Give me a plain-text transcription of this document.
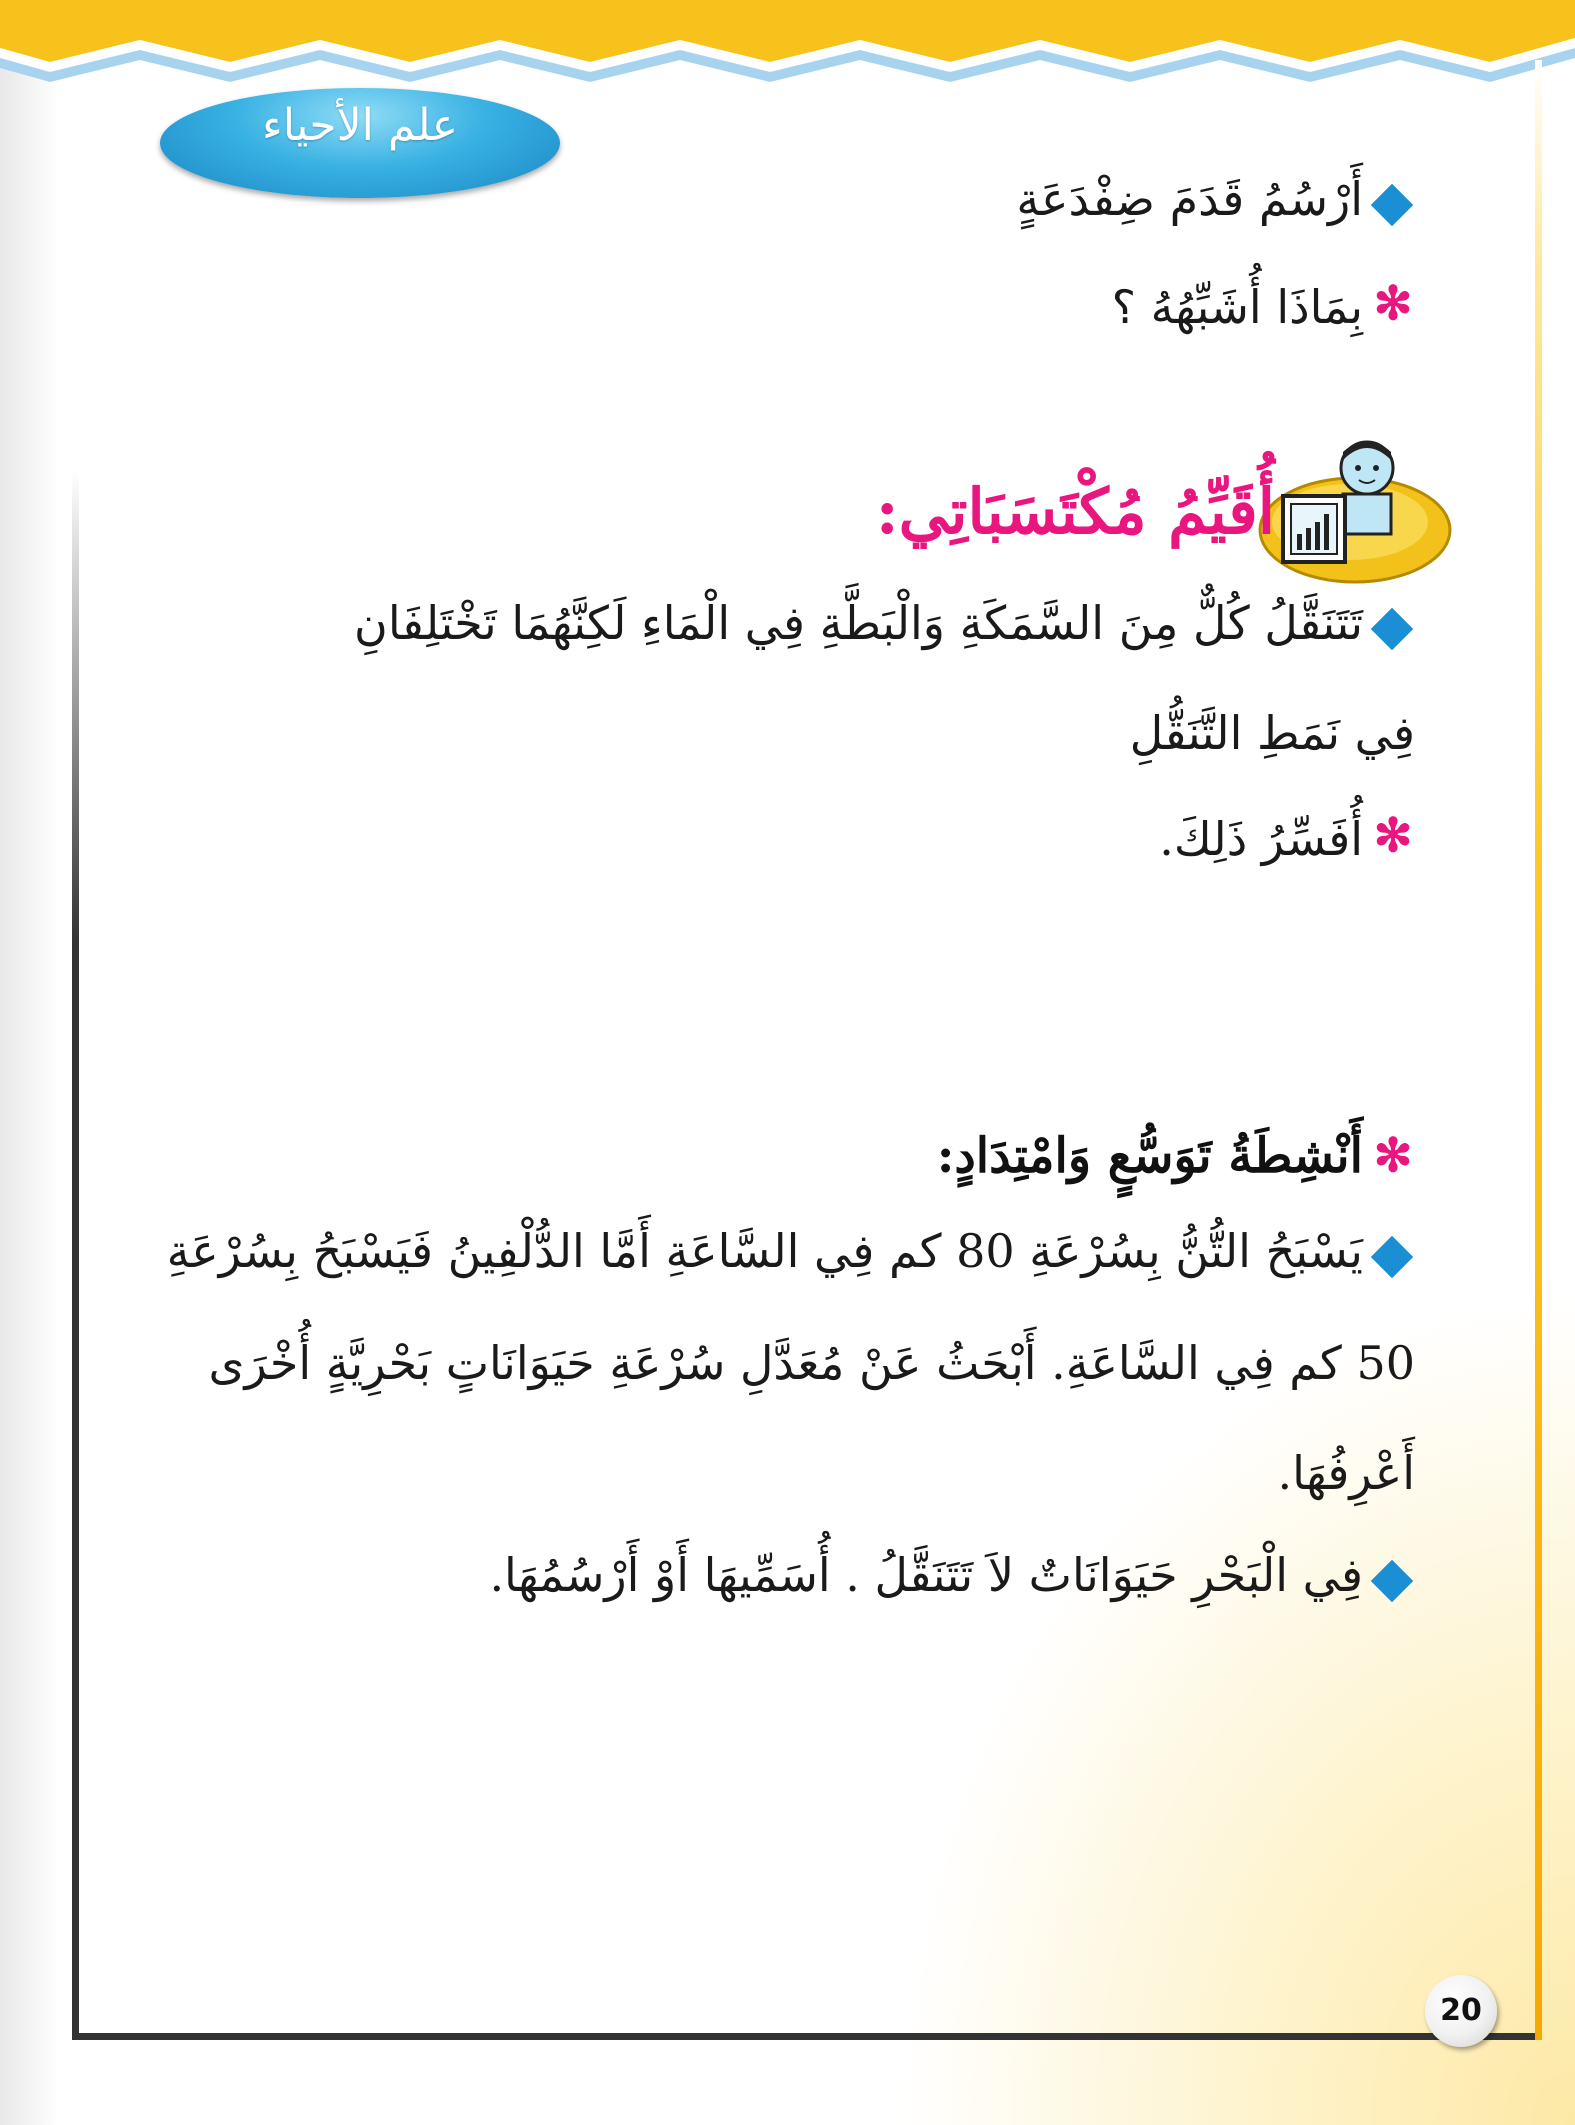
علم الأحياء
أَرْسُمُ قَدَمَ ضِفْدَعَةٍ
✻
بِمَاذَا أُشَبِّهُهُ ؟
أُقَيِّمُ مُكْتَسَبَاتِي:
تَتَنَقَّلُ كُلٌّ مِنَ السَّمَكَةِ وَالْبَطَّةِ فِي الْمَاءِ لَكِنَّهُمَا تَخْتَلِفَانِ
فِي نَمَطِ التَّنَقُّلِ
✻
أُفَسِّرُ ذَلِكَ.
✻
أَنْشِطَةُ تَوَسُّعٍ وَامْتِدَادٍ:
يَسْبَحُ التُّنُّ بِسُرْعَةِ 80 كم فِي السَّاعَةِ أَمَّا الدُّلْفِينُ فَيَسْبَحُ بِسُرْعَةِ
50 كم فِي السَّاعَةِ. أَبْحَثُ عَنْ مُعَدَّلِ سُرْعَةِ حَيَوَانَاتٍ بَحْرِيَّةٍ أُخْرَى
أَعْرِفُهَا.
فِي الْبَحْرِ حَيَوَانَاتٌ لاَ تَتَنَقَّلُ . أُسَمِّيهَا أَوْ أَرْسُمُهَا.
20
